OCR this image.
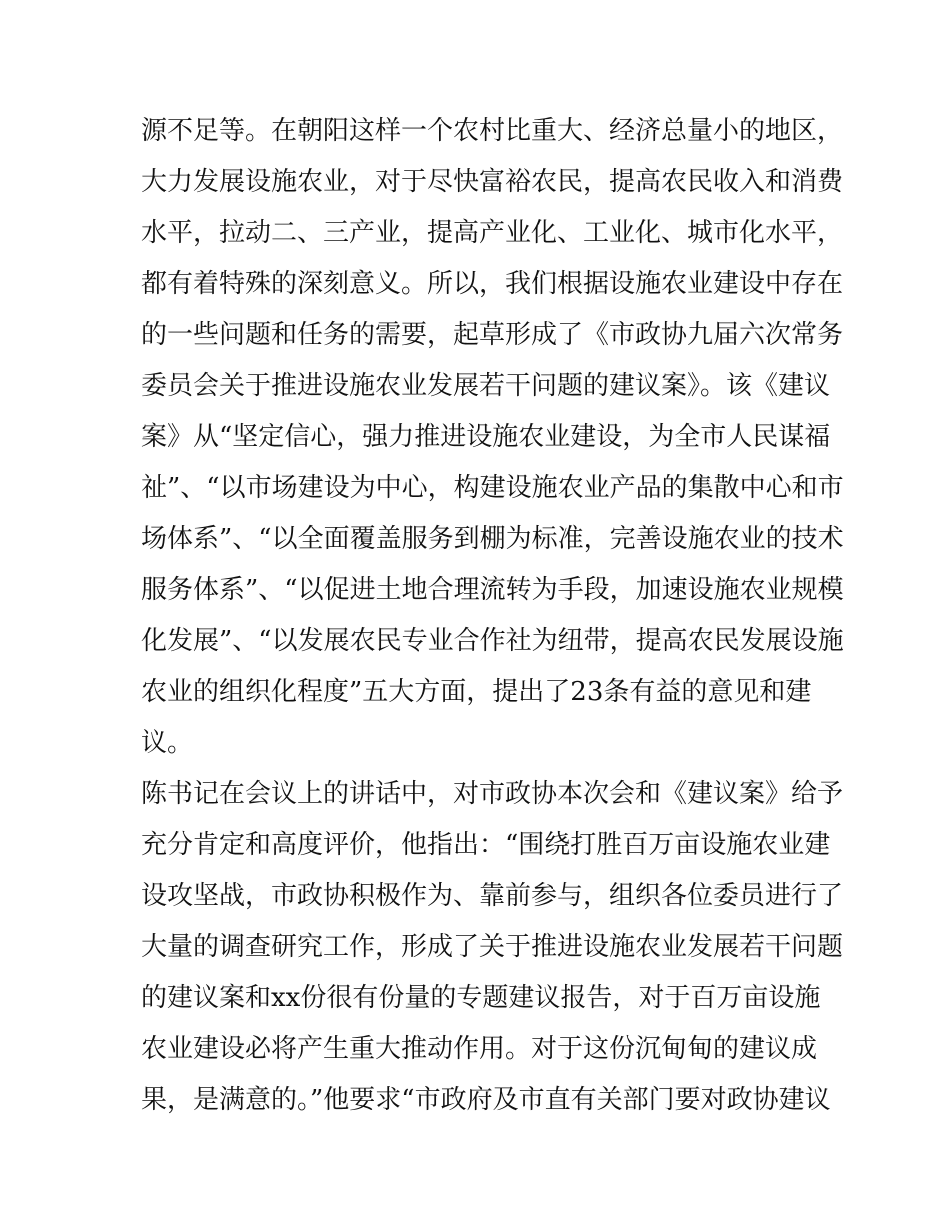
源不足等。在朝阳这样一个农村比重大、经济总量小的地区，
大力发展设施农业，对于尽快富裕农民，提高农民收入和消费
水平，拉动二、三产业，提高产业化、工业化、城市化水平，
都有着特殊的深刻意义。所以，我们根据设施农业建设中存在
的一些问题和任务的需要，起草形成了《市政协九届六次常务
委员会关于推进设施农业发展若干问题的建议案》。该《建议
案》从“坚定信心，强力推进设施农业建设，为全市人民谋福
祉”、“以市场建设为中心，构建设施农业产品的集散中心和市
场体系”、“以全面覆盖服务到棚为标准，完善设施农业的技术
服务体系”、“以促进土地合理流转为手段，加速设施农业规模
化发展”、“以发展农民专业合作社为纽带，提高农民发展设施
农业的组织化程度”五大方面，提出了23条有益的意见和建
议。
陈书记在会议上的讲话中，对市政协本次会和《建议案》给予
充分肯定和高度评价，他指出：“围绕打胜百万亩设施农业建
设攻坚战，市政协积极作为、靠前参与，组织各位委员进行了
大量的调查研究工作，形成了关于推进设施农业发展若干问题
的建议案和xx份很有份量的专题建议报告，对于百万亩设施
农业建设必将产生重大推动作用。对于这份沉甸甸的建议成
果，是满意的。”他要求“市政府及市直有关部门要对政协建议
